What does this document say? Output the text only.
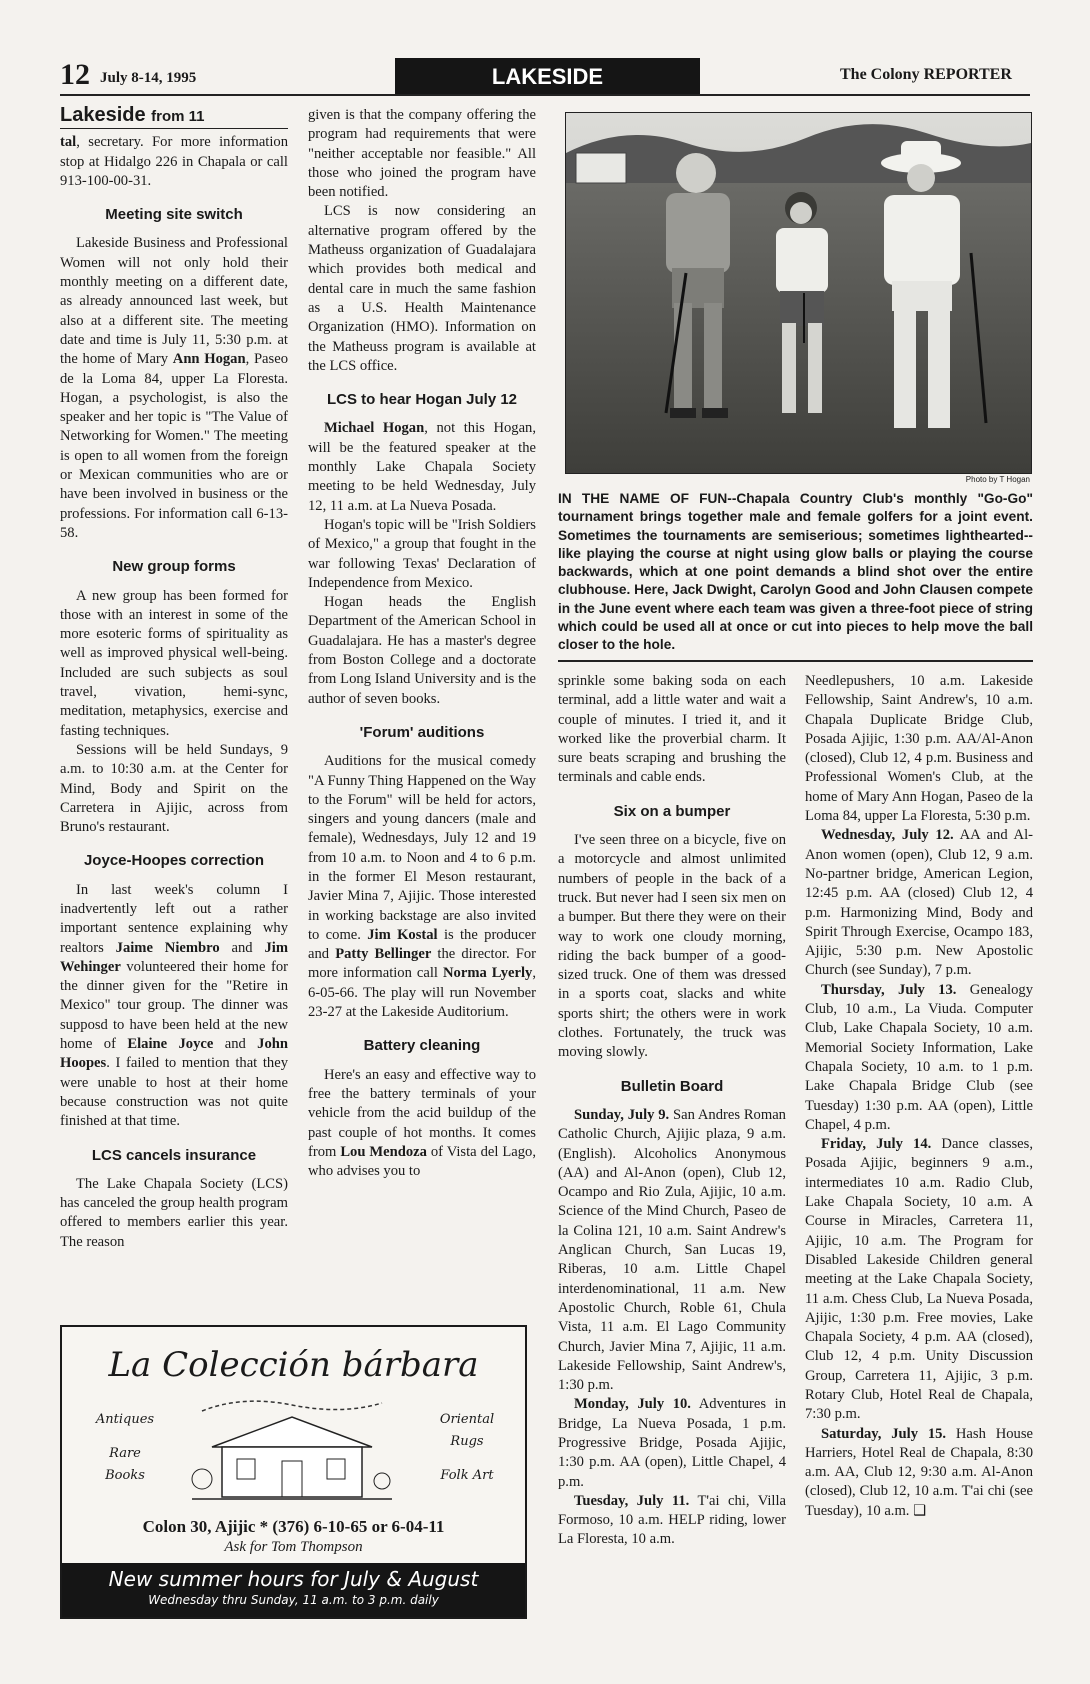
12 July 8-14, 1995	LAKESIDE	The Colony REPORTER
Lakeside from 11

tal, secretary. For more information stop at Hidalgo 226 in Chapala or call 913-100-00-31.

Meeting site switch

Lakeside Business and Professional Women will not only hold their monthly meeting on a different date, as already announced last week, but also at a different site. The meeting date and time is July 11, 5:30 p.m. at the home of Mary Ann Hogan, Paseo de la Loma 84, upper La Floresta. Hogan, a psychologist, is also the speaker and her topic is "The Value of Networking for Women." The meeting is open to all women from the foreign or Mexican communities who are or have been involved in business or the professions. For information call 6-13-58.

New group forms

A new group has been formed for those with an interest in some of the more esoteric forms of spirituality as well as improved physical well-being. Included are such subjects as soul travel, vivation, hemi-sync, meditation, metaphysics, exercise and fasting techniques.

Sessions will be held Sundays, 9 a.m. to 10:30 a.m. at the Center for Mind, Body and Spirit on the Carretera in Ajijic, across from Bruno's restaurant.

Joyce-Hoopes correction

In last week's column I inadvertently left out a rather important sentence explaining why realtors Jaime Niembro and Jim Wehinger volunteered their home for the dinner given for the "Retire in Mexico" tour group. The dinner was supposd to have been held at the new home of Elaine Joyce and John Hoopes. I failed to mention that they were unable to host at their home because construction was not quite finished at that time.

LCS cancels insurance

The Lake Chapala Society (LCS) has canceled the group health program offered to members earlier this year. The reason

given is that the company offering the program had requirements that were "neither acceptable nor feasible." All those who joined the program have been notified.

LCS is now considering an alternative program offered by the Matheuss organization of Guadalajara which provides both medical and dental care in much the same fashion as a U.S. Health Maintenance Organization (HMO). Information on the Matheuss program is available at the LCS office.

LCS to hear Hogan July 12

Michael Hogan, not this Hogan, will be the featured speaker at the monthly Lake Chapala Society meeting to be held Wednesday, July 12, 11 a.m. at La Nueva Posada.

Hogan's topic will be "Irish Soldiers of Mexico," a group that fought in the war following Texas' Declaration of Independence from Mexico.

Hogan heads the English Department of the American School in Guadalajara. He has a master's degree from Boston College and a doctorate from Long Island University and is the author of seven books.

'Forum' auditions

Auditions for the musical comedy "A Funny Thing Happened on the Way to the Forum" will be held for actors, singers and young dancers (male and female), Wednesdays, July 12 and 19 from 10 a.m. to Noon and 4 to 6 p.m. in the former El Meson restaurant, Javier Mina 7, Ajijic. Those interested in working backstage are also invited to come. Jim Kostal is the producer and Patty Bellinger the director. For more information call Norma Lyerly, 6-05-66. The play will run November 23-27 at the Lakeside Auditorium.

Battery cleaning

Here's an easy and effective way to free the battery terminals of your vehicle from the acid buildup of the past couple of hot months. It comes from Lou Mendoza of Vista del Lago, who advises you to

Photo by T Hogan
IN THE NAME OF FUN--Chapala Country Club's monthly "Go-Go" tournament brings together male and female golfers for a joint event. Sometimes the tournaments are semiserious; sometimes lighthearted--like playing the course at night using glow balls or playing the course backwards, which at one point demands a blind shot over the entire clubhouse. Here, Jack Dwight, Carolyn Good and John Clausen compete in the June event where each team was given a three-foot piece of string which could be used all at once or cut into pieces to help move the ball closer to the hole.

sprinkle some baking soda on each terminal, add a little water and wait a couple of minutes. I tried it, and it worked like the proverbial charm. It sure beats scraping and brushing the terminals and cable ends.

Six on a bumper

I've seen three on a bicycle, five on a motorcycle and almost unlimited numbers of people in the back of a truck. But never had I seen six men on a bumper. But there they were on their way to work one cloudy morning, riding the back bumper of a good-sized truck. One of them was dressed in a sports coat, slacks and white sports shirt; the others were in work clothes. Fortunately, the truck was moving slowly.

Bulletin Board

Sunday, July 9. San Andres Roman Catholic Church, Ajijic plaza, 9 a.m. (English). Alcoholics Anonymous (AA) and Al-Anon (open), Club 12, Ocampo and Rio Zula, Ajijic, 10 a.m. Science of the Mind Church, Paseo de la Colina 121, 10 a.m. Saint Andrew's Anglican Church, San Lucas 19, Riberas, 10 a.m. Little Chapel interdenominational, 11 a.m. New Apostolic Church, Roble 61, Chula Vista, 11 a.m. El Lago Community Church, Javier Mina 7, Ajijic, 11 a.m. Lakeside Fellowship, Saint Andrew's, 1:30 p.m.

Monday, July 10. Adventures in Bridge, La Nueva Posada, 1 p.m. Progressive Bridge, Posada Ajijic, 1:30 p.m. AA (open), Little Chapel, 4 p.m.

Tuesday, July 11. T'ai chi, Villa Formoso, 10 a.m. HELP riding, lower La Floresta, 10 a.m.

Needlepushers, 10 a.m. Lakeside Fellowship, Saint Andrew's, 10 a.m. Chapala Duplicate Bridge Club, Posada Ajijic, 1:30 p.m. AA/Al-Anon (closed), Club 12, 4 p.m. Business and Professional Women's Club, at the home of Mary Ann Hogan, Paseo de la Loma 84, upper La Floresta, 5:30 p.m.

Wednesday, July 12. AA and Al-Anon women (open), Club 12, 9 a.m. No-partner bridge, American Legion, 12:45 p.m. AA (closed) Club 12, 4 p.m. Harmonizing Mind, Body and Spirit Through Exercise, Ocampo 183, Ajijic, 5:30 p.m. New Apostolic Church (see Sunday), 7 p.m.

Thursday, July 13. Genealogy Club, 10 a.m., La Viuda. Computer Club, Lake Chapala Society, 10 a.m. Memorial Society Information, Lake Chapala Society, 10 a.m. to 1 p.m. Lake Chapala Bridge Club (see Tuesday) 1:30 p.m. AA (open), Little Chapel, 4 p.m.

Friday, July 14. Dance classes, Posada Ajijic, beginners 9 a.m., intermediates 10 a.m. Radio Club, Lake Chapala Society, 10 a.m. A Course in Miracles, Carretera 11, Ajijic, 10 a.m. The Program for Disabled Lakeside Children general meeting at the Lake Chapala Society, 11 a.m. Chess Club, La Nueva Posada, Ajijic, 1:30 p.m. Free movies, Lake Chapala Society, 4 p.m. AA (closed), Club 12, 4 p.m. Unity Discussion Group, Carretera 11, Ajijic, 3 p.m. Rotary Club, Hotel Real de Chapala, 7:30 p.m.

Saturday, July 15. Hash House Harriers, Hotel Real de Chapala, 8:30 a.m. AA, Club 12, 9:30 a.m. Al-Anon (closed), Club 12, 10 a.m. T'ai chi (see Tuesday), 10 a.m. ❑

La Colección bárbara
Antiques
Rare
Books
Oriental
Rugs
Folk Art
Colon 30, Ajijic * (376) 6-10-65 or 6-04-11
Ask for Tom Thompson
New summer hours for July & August
Wednesday thru Sunday, 11 a.m. to 3 p.m. daily
